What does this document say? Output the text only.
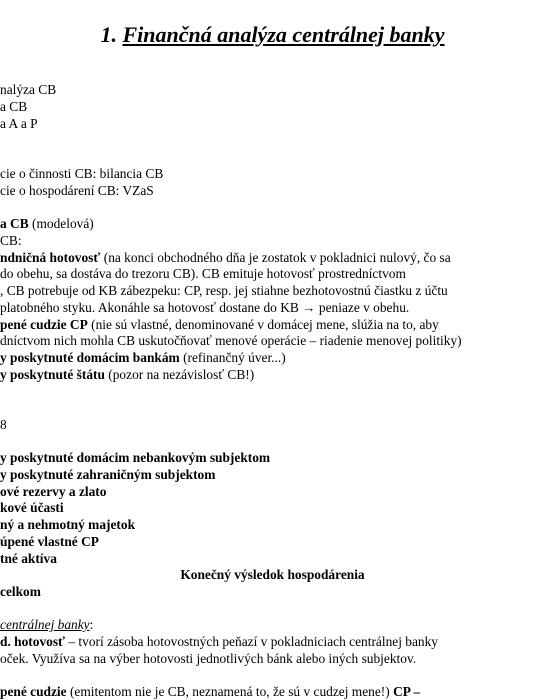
1. Finančná analýza centrálnej banky
nalýza CB
a CB
a A a P
cie o činnosti CB: bilancia CB
cie o hospodárení CB: VZaS
a CB (modelová)
CB:
ndničná hotovosť (na konci obchodného dňa je zostatok v pokladnici nulový, čo sa
do obehu, sa dostáva do trezoru CB). CB emituje hotovosť prostredníctvom
, CB potrebuje od KB zábezpeku: CP, resp. jej stiahne bezhotovostnú čiastku z účtu
platobného styku. Akonáhle sa hotovosť dostane do KB → peniaze v obehu.
pené cudzie CP (nie sú vlastné, denominované v domácej mene, slúžia na to, aby
dníctvom nich mohla CB uskutočňovať menové operácie – riadenie menovej politiky)
y poskytnuté domácim bankám (refinančný úver...)
y poskytnuté štátu (pozor na nezávislosť CB!)
8
y poskytnuté domácim nebankovým subjektom
y poskytnuté zahraničným subjektom
ové rezervy a zlato
kové účasti
ný a nehmotný majetok
úpené vlastné CP
tné aktíva
Konečný výsledok hospodárenia
celkom
centrálnej banky:
d. hotovosť – tvorí zásoba hotovostných peňazí v pokladniciach centrálnej banky
oček. Využíva sa na výber hotovosti jednotlivých bánk alebo iných subjektov.
pené cudzie (emitentom nie je CB, neznamená to, že sú v cudzej mene!) CP –
